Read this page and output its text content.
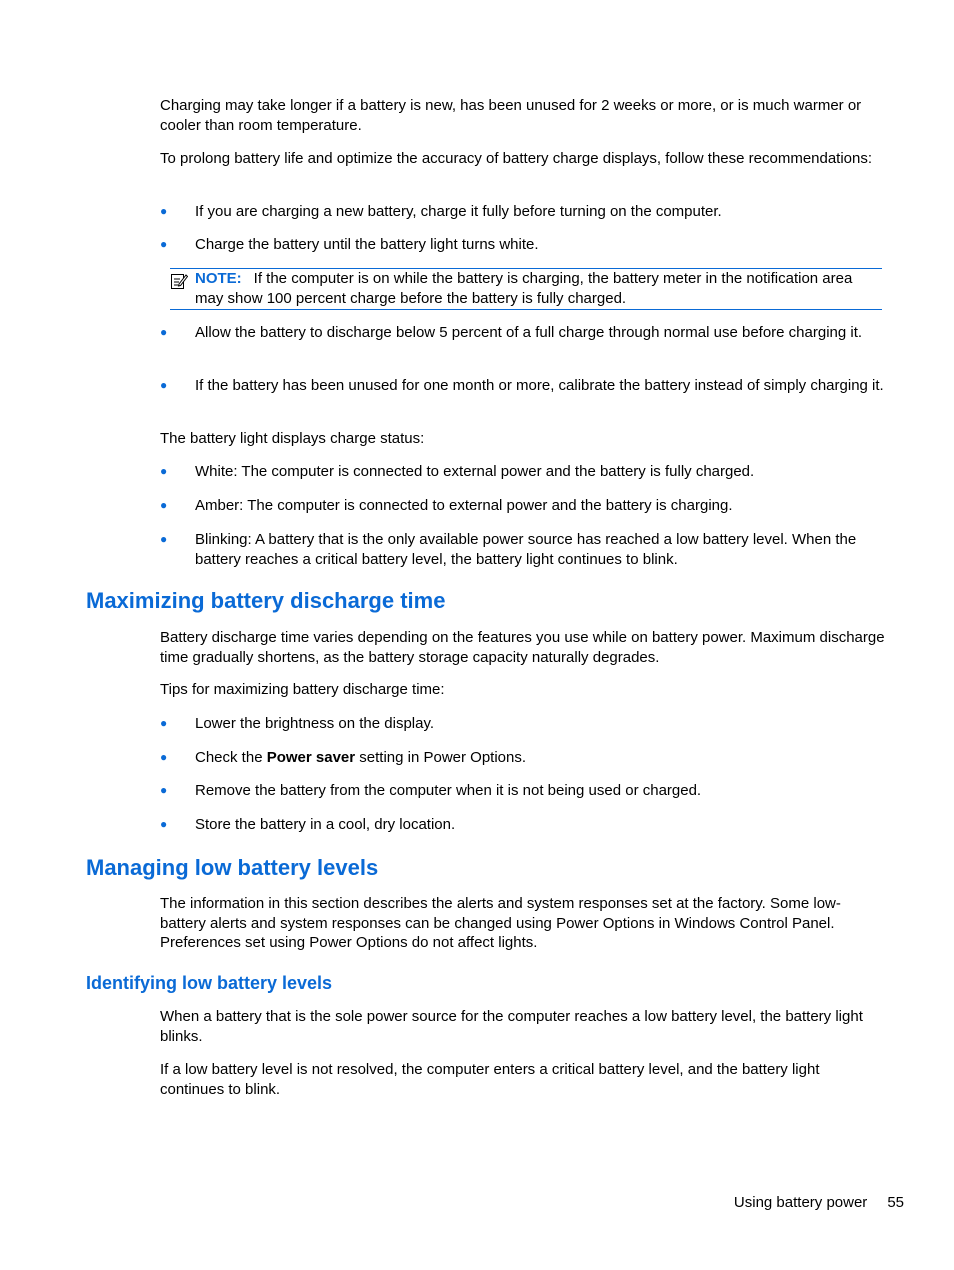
Charging may take longer if a battery is new, has been unused for 2 weeks or more, or is much warmer or cooler than room temperature.

To prolong battery life and optimize the accuracy of battery charge displays, follow these recommendations:

●	If you are charging a new battery, charge it fully before turning on the computer.
●	Charge the battery until the battery light turns white.
NOTE: If the computer is on while the battery is charging, the battery meter in the notification area may show 100 percent charge before the battery is fully charged.
●	Allow the battery to discharge below 5 percent of a full charge through normal use before charging it.
●	If the battery has been unused for one month or more, calibrate the battery instead of simply charging it.

The battery light displays charge status:

●	White: The computer is connected to external power and the battery is fully charged.
●	Amber: The computer is connected to external power and the battery is charging.
●	Blinking: A battery that is the only available power source has reached a low battery level. When the battery reaches a critical battery level, the battery light continues to blink.
Maximizing battery discharge time

Battery discharge time varies depending on the features you use while on battery power. Maximum discharge time gradually shortens, as the battery storage capacity naturally degrades.

Tips for maximizing battery discharge time:

●	Lower the brightness on the display.
●	Check the Power saver setting in Power Options.
●	Remove the battery from the computer when it is not being used or charged.
●	Store the battery in a cool, dry location.
Managing low battery levels

The information in this section describes the alerts and system responses set at the factory. Some low-battery alerts and system responses can be changed using Power Options in Windows Control Panel. Preferences set using Power Options do not affect lights.

Identifying low battery levels

When a battery that is the sole power source for the computer reaches a low battery level, the battery light blinks.

If a low battery level is not resolved, the computer enters a critical battery level, and the battery light continues to blink.

Using battery power 55
